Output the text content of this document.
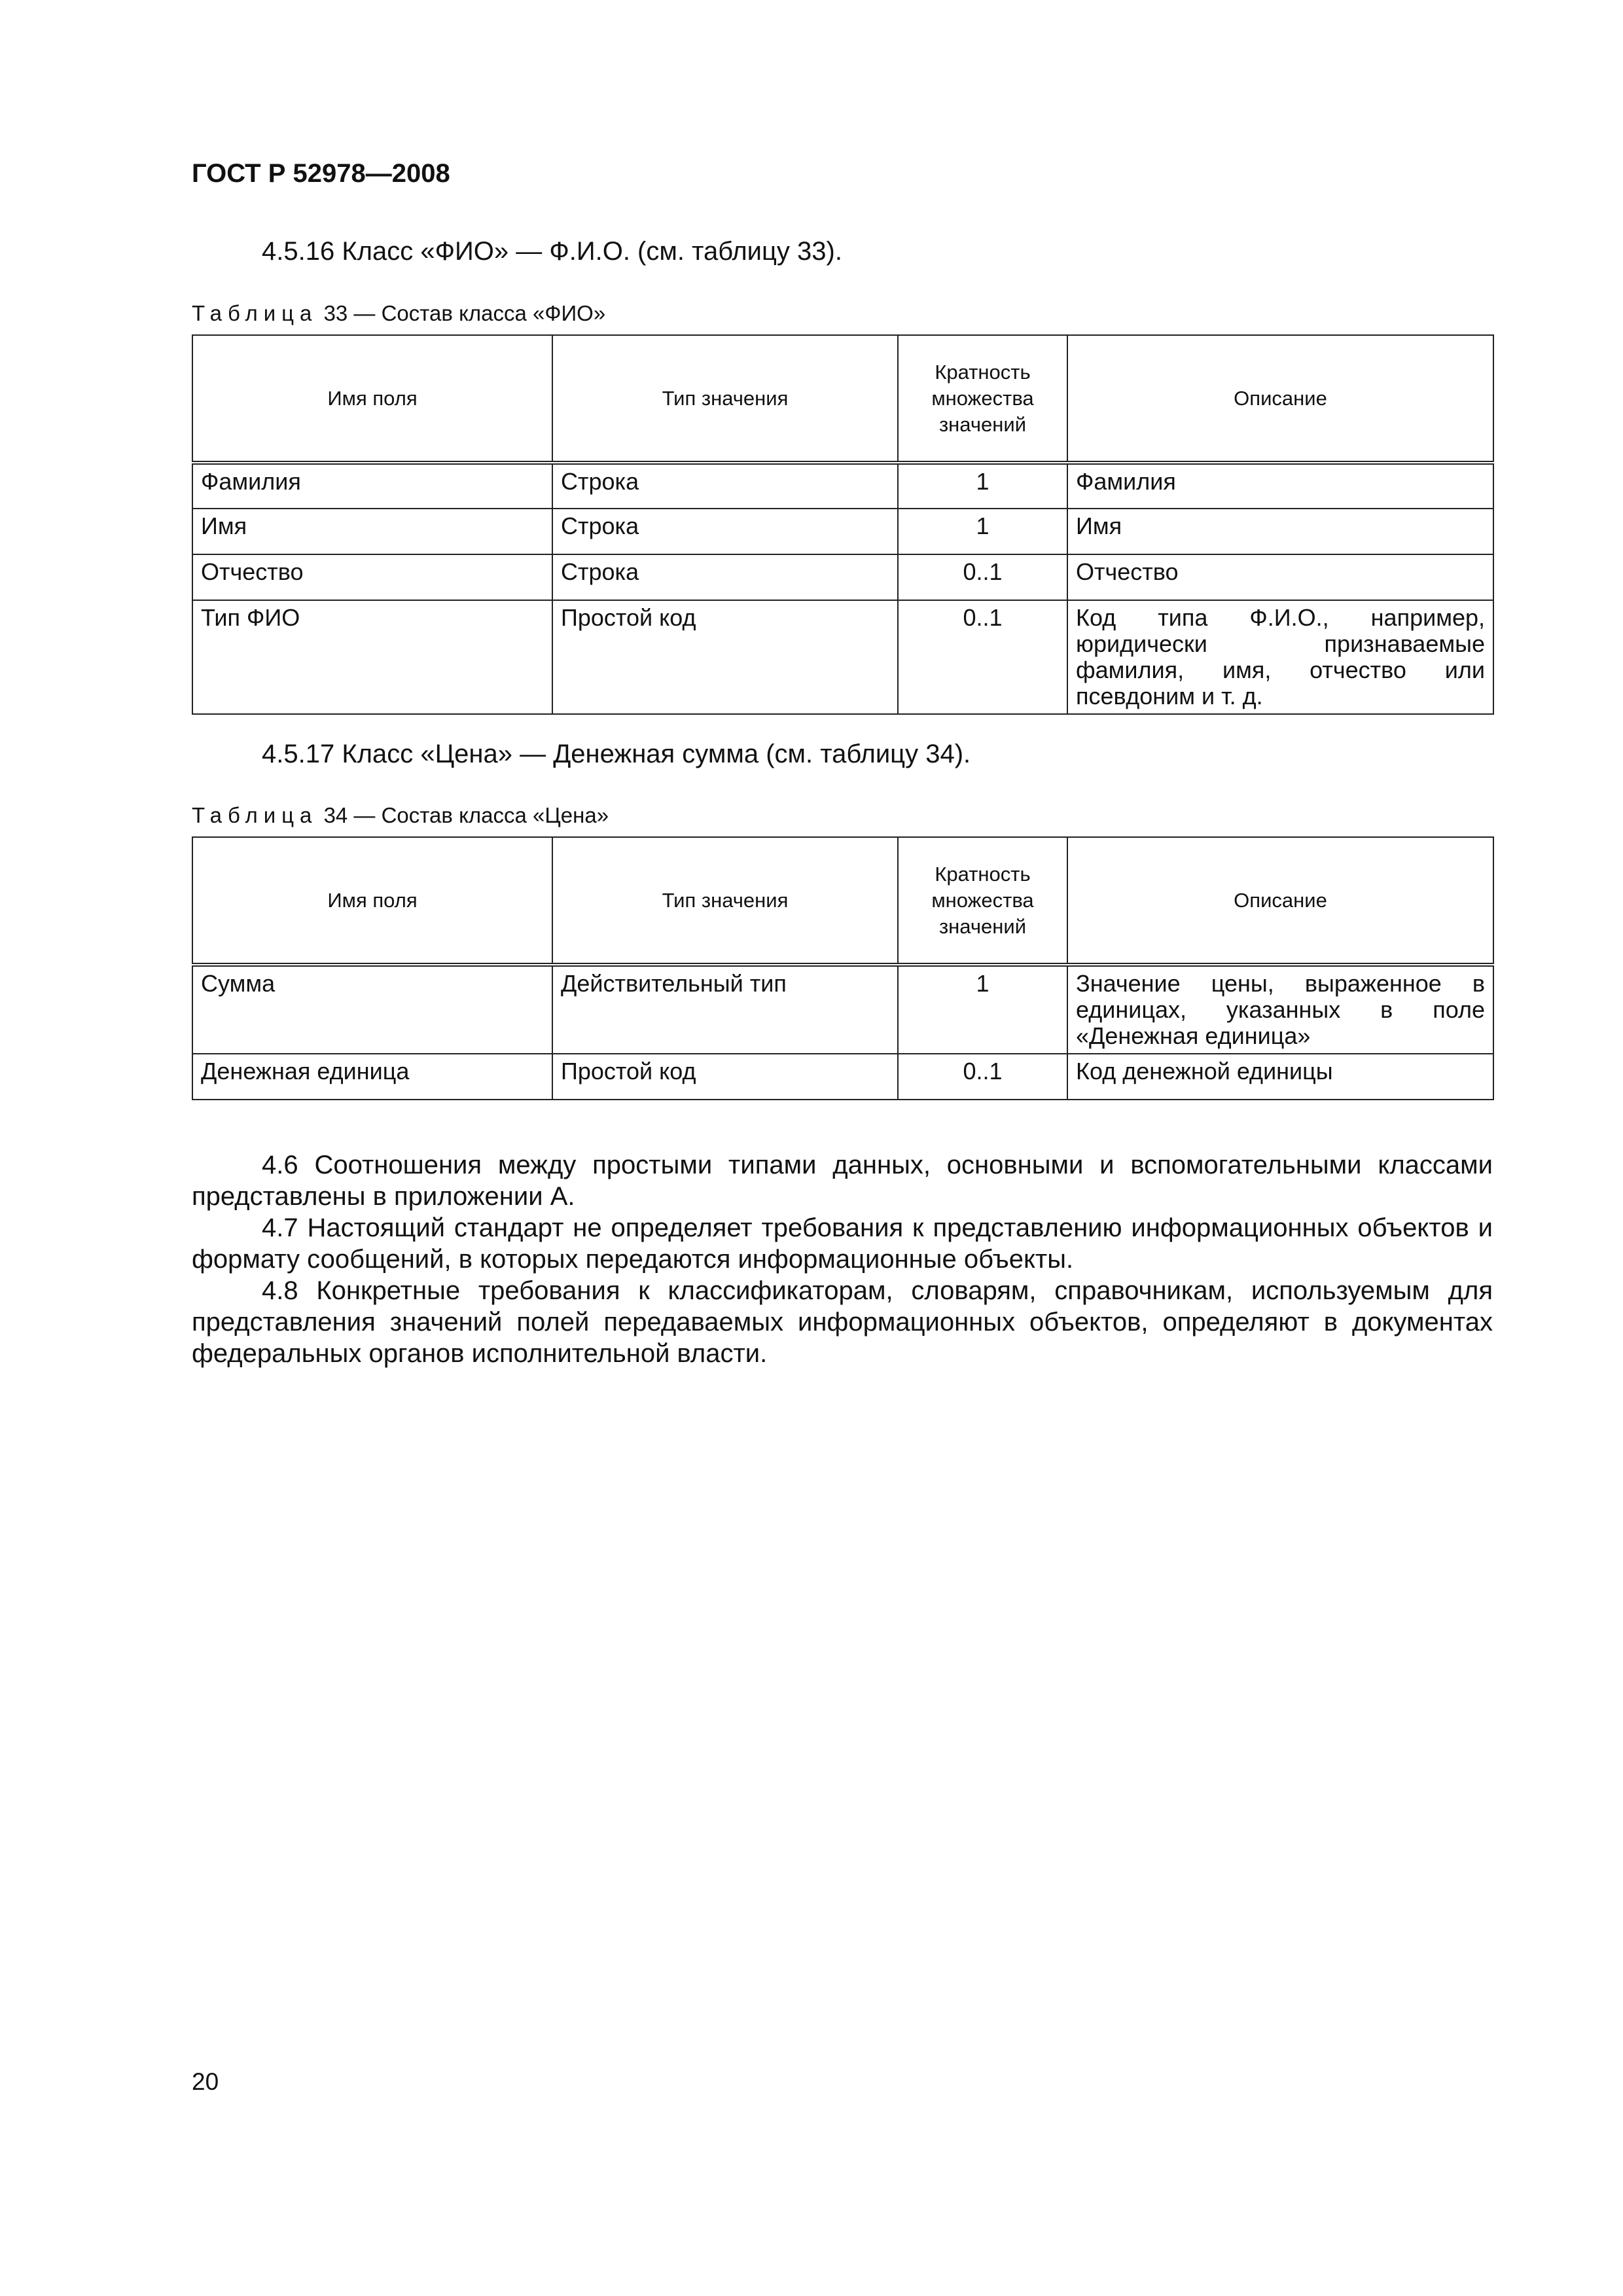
ГОСТ Р 52978—2008
4.5.16 Класс «ФИО» — Ф.И.О. (см. таблицу 33).
Таблица 33 — Состав класса «ФИО»
Имя поля	Тип значения	Кратность множества значений	Описание
Фамилия	Строка	1	Фамилия
Имя	Строка	1	Имя
Отчество	Строка	0..1	Отчество
Тип ФИО	Простой код	0..1	Код типа Ф.И.О., например, юридически признаваемые фамилия, имя, отчество или псевдоним и т. д.
4.5.17 Класс «Цена» — Денежная сумма (см. таблицу 34).
Таблица 34 — Состав класса «Цена»
Имя поля	Тип значения	Кратность множества значений	Описание
Сумма	Действительный тип	1	Значение цены, выраженное в единицах, указанных в поле «Денежная единица»
Денежная единица	Простой код	0..1	Код денежной единицы

4.6 Соотношения между простыми типами данных, основными и вспомогательными классами представлены в приложении А.

4.7 Настоящий стандарт не определяет требования к представлению информационных объектов и формату сообщений, в которых передаются информационные объекты.

4.8 Конкретные требования к классификаторам, словарям, справочникам, используемым для представления значений полей передаваемых информационных объектов, определяют в документах федеральных органов исполнительной власти.

20
